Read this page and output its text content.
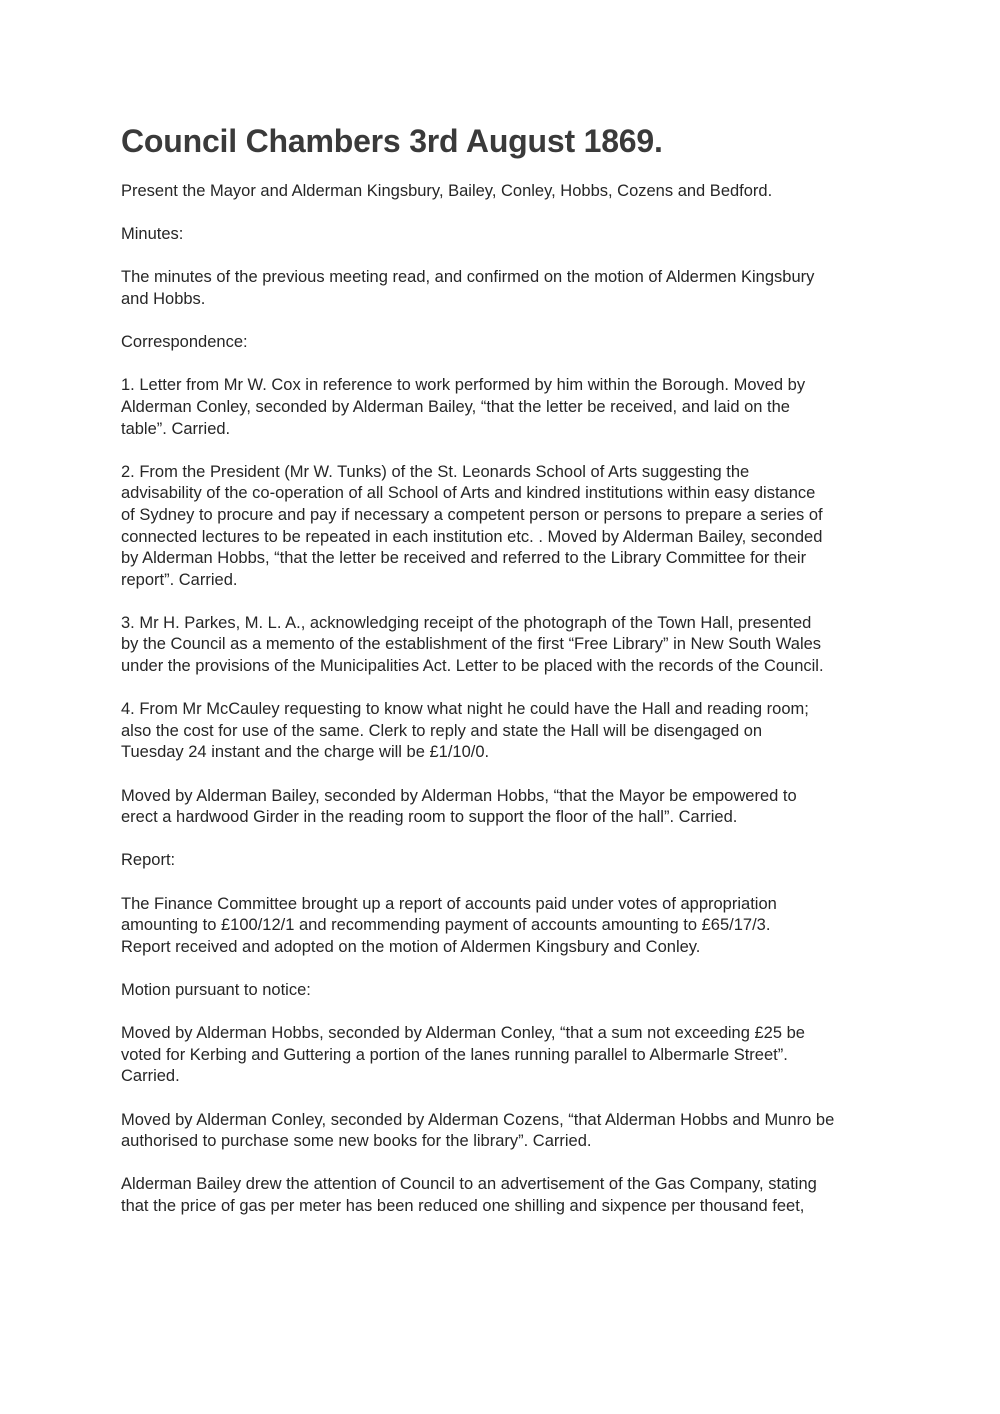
Council Chambers 3rd August 1869.

Present the Mayor and Alderman Kingsbury, Bailey, Conley, Hobbs, Cozens and Bedford.

Minutes:

The minutes of the previous meeting read, and confirmed on the motion of Aldermen Kingsbury
and Hobbs.

Correspondence:

1. Letter from Mr W. Cox in reference to work performed by him within the Borough. Moved by
Alderman Conley, seconded by Alderman Bailey, “that the letter be received, and laid on the
table”. Carried.

2. From the President (Mr W. Tunks) of the St. Leonards School of Arts suggesting the
advisability of the co-operation of all School of Arts and kindred institutions within easy distance
of Sydney to procure and pay if necessary a competent person or persons to prepare a series of
connected lectures to be repeated in each institution etc. . Moved by Alderman Bailey, seconded
by Alderman Hobbs, “that the letter be received and referred to the Library Committee for their
report”. Carried.

3. Mr H. Parkes, M. L. A., acknowledging receipt of the photograph of the Town Hall, presented
by the Council as a memento of the establishment of the first “Free Library” in New South Wales
under the provisions of the Municipalities Act. Letter to be placed with the records of the Council.

4. From Mr McCauley requesting to know what night he could have the Hall and reading room;
also the cost for use of the same. Clerk to reply and state the Hall will be disengaged on
Tuesday 24 instant and the charge will be £1/10/0.

Moved by Alderman Bailey, seconded by Alderman Hobbs, “that the Mayor be empowered to
erect a hardwood Girder in the reading room to support the floor of the hall”. Carried.

Report:

The Finance Committee brought up a report of accounts paid under votes of appropriation
amounting to £100/12/1 and recommending payment of accounts amounting to £65/17/3.
Report received and adopted on the motion of Aldermen Kingsbury and Conley.

Motion pursuant to notice:

Moved by Alderman Hobbs, seconded by Alderman Conley, “that a sum not exceeding £25 be
voted for Kerbing and Guttering a portion of the lanes running parallel to Albermarle Street”.
Carried.

Moved by Alderman Conley, seconded by Alderman Cozens, “that Alderman Hobbs and Munro be
authorised to purchase some new books for the library”. Carried.

Alderman Bailey drew the attention of Council to an advertisement of the Gas Company, stating
that the price of gas per meter has been reduced one shilling and sixpence per thousand feet,
